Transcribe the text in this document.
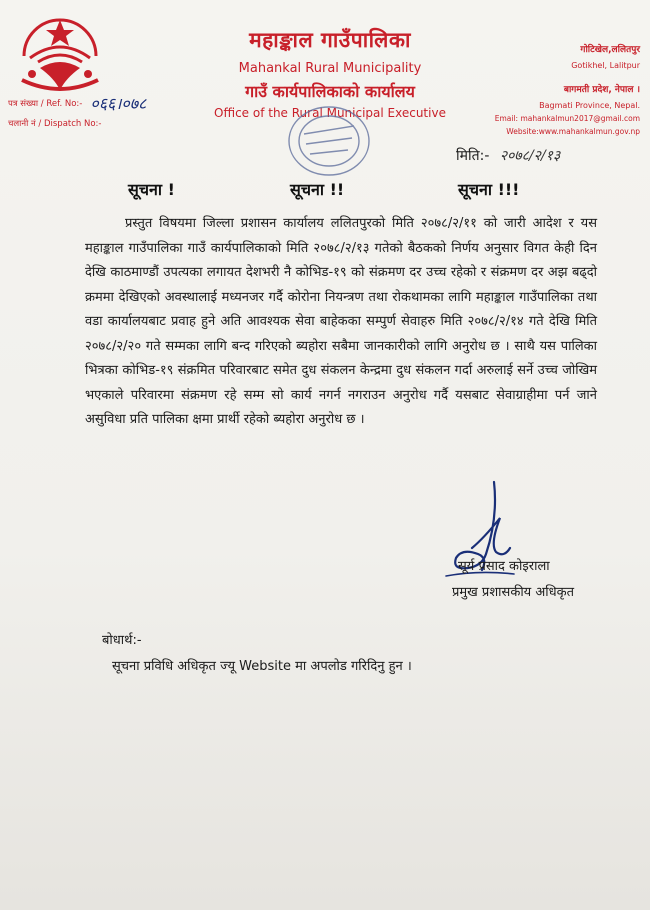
महाङ्काल गाउँपालिका
Mahankal Rural Municipality
गाउँ कार्यपालिकाको कार्यालय
Office of the Rural Municipal Executive
गोटिखेल,ललितपुर
Gotikhel, Lalitpur
बागमती प्रदेश, नेपाल ।
Bagmati Province, Nepal.
Email: mahankalmun2017@gmail.com
Website:www.mahankalmun.gov.np
पत्र संख्या / Ref. No:- ०६६।०७८
चलानी नं / Dispatch No:-
मिति:- २०७८/२/१३
सूचना !	सूचना !!	सूचना !!!
प्रस्तुत विषयमा जिल्ला प्रशासन कार्यालय ललितपुरको मिति २०७८/२/११ को जारी आदेश र यस महाङ्काल गाउँपालिका गाउँ कार्यपालिकाको मिति २०७८/२/१३ गतेको बैठकको निर्णय अनुसार विगत केही दिन देखि काठमाण्डौं उपत्यका लगायत देशभरी नै कोभिड-१९ को संक्रमण दर उच्च रहेको र संक्रमण दर अझ बढ्दो क्रममा देखिएको अवस्थालाई मध्यनजर गर्दै कोरोना नियन्त्रण तथा रोकथामका लागि महाङ्काल गाउँपालिका तथा वडा कार्यालयबाट प्रवाह हुने अति आवश्यक सेवा बाहेकका सम्पुर्ण सेवाहरु मिति २०७८/२/१४ गते देखि मिति २०७८/२/२० गते सम्मका लागि बन्द गरिएको ब्यहोरा सबैमा जानकारीको लागि अनुरोध छ । साथै यस पालिका भित्रका कोभिड-१९ संक्रमित परिवारबाट समेत दुध संकलन केन्द्रमा दुध संकलन गर्दा अरुलाई सर्ने उच्च जोखिम भएकाले परिवारमा संक्रमण रहे सम्म सो कार्य नगर्न नगराउन अनुरोध गर्दै यसबाट सेवाग्राहीमा पर्न जाने असुविधा प्रति पालिका क्षमा प्रार्थी रहेको ब्यहोरा अनुरोध छ ।
सूर्य प्रसाद कोइराला
प्रमुख प्रशासकीय अधिकृत
बोधार्थ:-
सूचना प्रविधि अधिकृत ज्यू Website मा अपलोड गरिदिनु हुन ।
